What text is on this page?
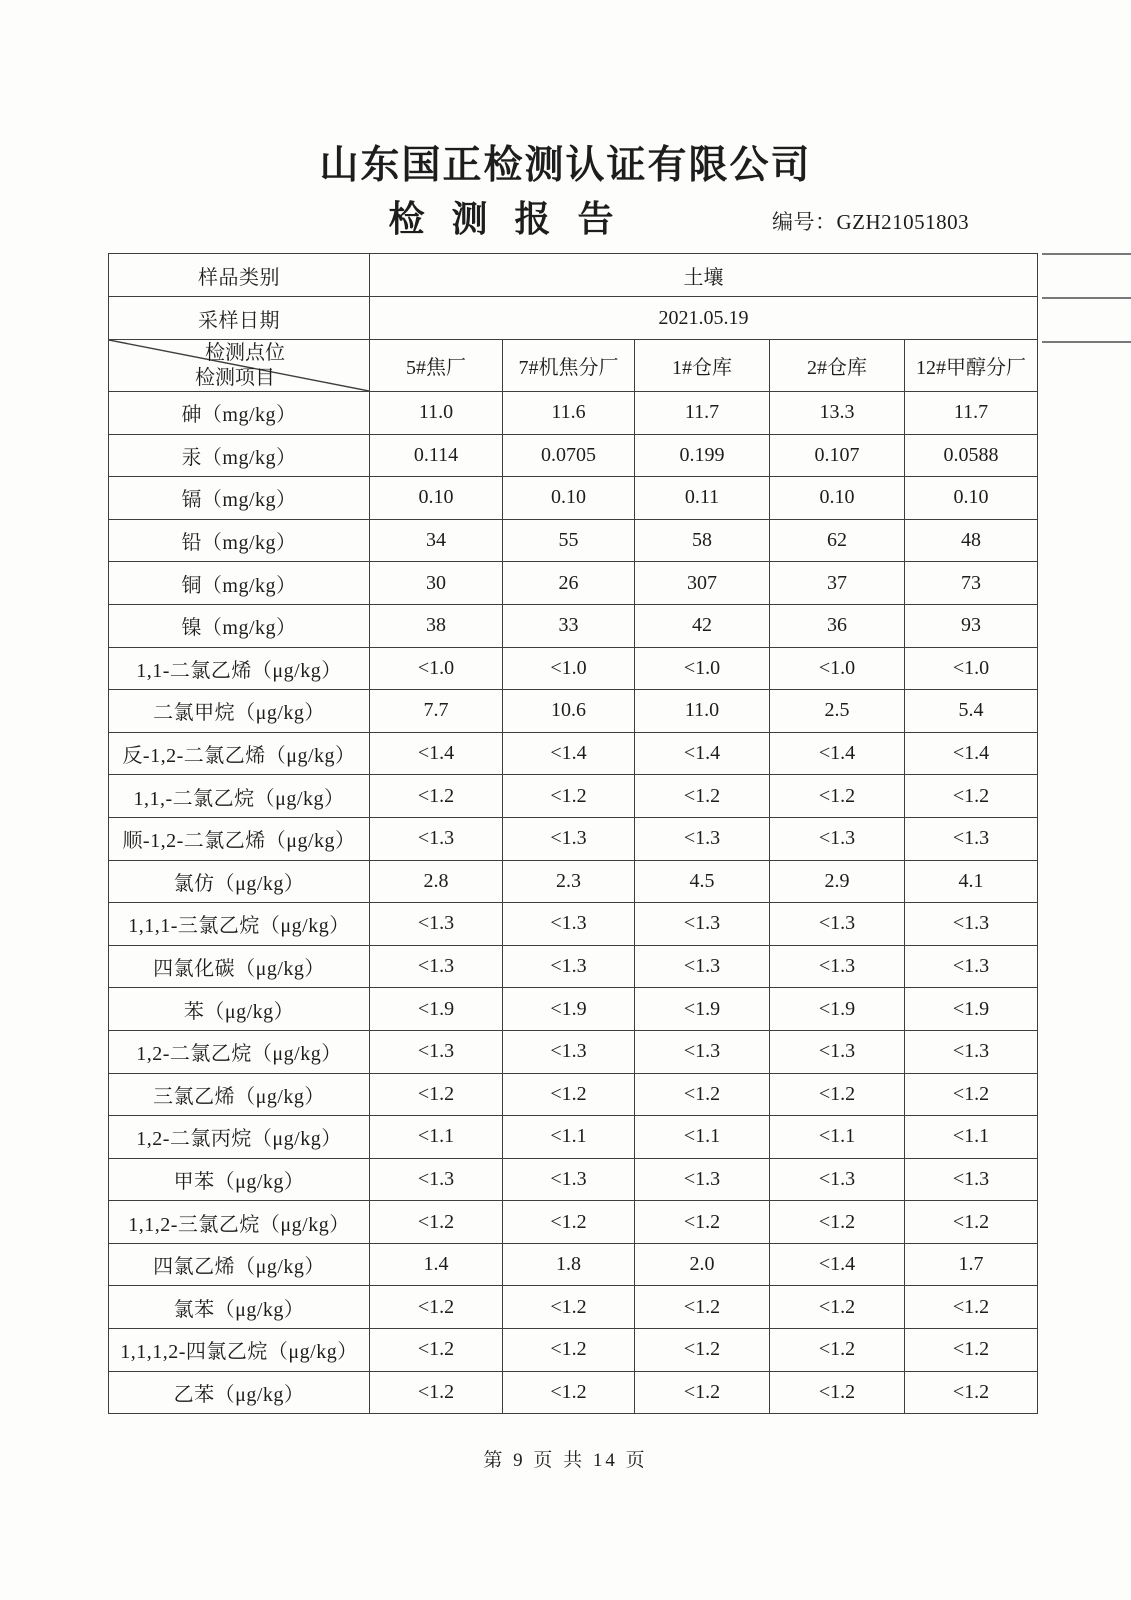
山东国正检测认证有限公司
检 测 报 告	编号：GZH21051803
样品类别	土壤				
采样日期	2021.05.19				

检测点位
检测项目	5#焦厂	7#机焦分厂	1#仓库	2#仓库	12#甲醇分厂
砷（mg/kg）	11.0	11.6	11.7	13.3	11.7
汞（mg/kg）	0.114	0.0705	0.199	0.107	0.0588
镉（mg/kg）	0.10	0.10	0.11	0.10	0.10
铅（mg/kg）	34	55	58	62	48
铜（mg/kg）	30	26	307	37	73
镍（mg/kg）	38	33	42	36	93
1,1-二氯乙烯（μg/kg）	<1.0	<1.0	<1.0	<1.0	<1.0
二氯甲烷（μg/kg）	7.7	10.6	11.0	2.5	5.4
反-1,2-二氯乙烯（μg/kg）	<1.4	<1.4	<1.4	<1.4	<1.4
1,1,-二氯乙烷（μg/kg）	<1.2	<1.2	<1.2	<1.2	<1.2
顺-1,2-二氯乙烯（μg/kg）	<1.3	<1.3	<1.3	<1.3	<1.3
氯仿（μg/kg）	2.8	2.3	4.5	2.9	4.1
1,1,1-三氯乙烷（μg/kg）	<1.3	<1.3	<1.3	<1.3	<1.3
四氯化碳（μg/kg）	<1.3	<1.3	<1.3	<1.3	<1.3
苯（μg/kg）	<1.9	<1.9	<1.9	<1.9	<1.9
1,2-二氯乙烷（μg/kg）	<1.3	<1.3	<1.3	<1.3	<1.3
三氯乙烯（μg/kg）	<1.2	<1.2	<1.2	<1.2	<1.2
1,2-二氯丙烷（μg/kg）	<1.1	<1.1	<1.1	<1.1	<1.1
甲苯（μg/kg）	<1.3	<1.3	<1.3	<1.3	<1.3
1,1,2-三氯乙烷（μg/kg）	<1.2	<1.2	<1.2	<1.2	<1.2
四氯乙烯（μg/kg）	1.4	1.8	2.0	<1.4	1.7
氯苯（μg/kg）	<1.2	<1.2	<1.2	<1.2	<1.2
1,1,1,2-四氯乙烷（μg/kg）	<1.2	<1.2	<1.2	<1.2	<1.2
乙苯（μg/kg）	<1.2	<1.2	<1.2	<1.2	<1.2
第 9 页 共 14 页
